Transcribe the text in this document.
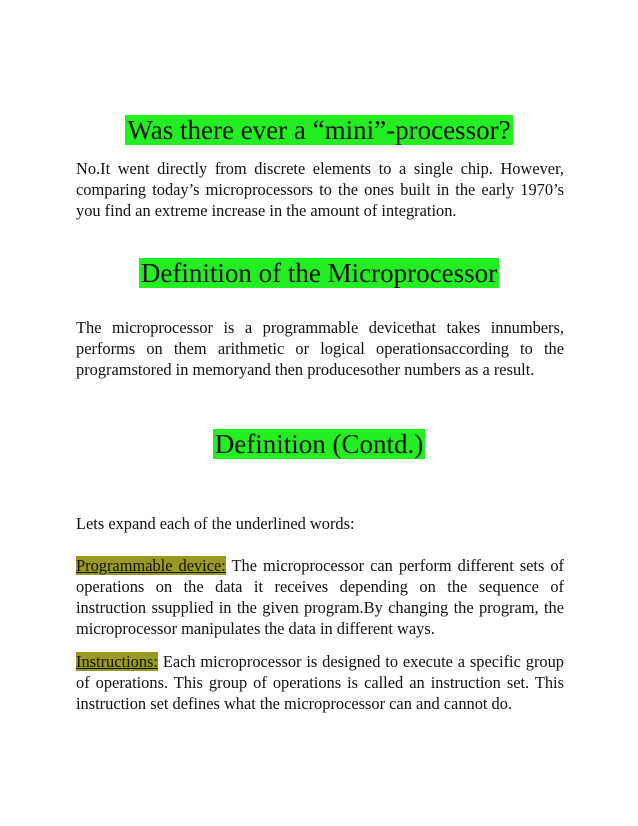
Was there ever a “mini”-processor?

No.It went directly from discrete elements to a single chip. However, comparing today’s microprocessors to the ones built in the early 1970’s you find an extreme increase in the amount of integration.

Definition of the Microprocessor

The microprocessor is a programmable devicethat takes innumbers, performs on them arithmetic or logical operationsaccording to the programstored in memoryand then producesother numbers as a result.

Definition (Contd.)

Lets expand each of the underlined words:

Programmable device: The microprocessor can perform different sets of operations on the data it receives depending on the sequence of instruction ssupplied in the given program.By changing the program, the microprocessor manipulates the data in different ways.

Instructions: Each microprocessor is designed to execute a specific group of operations. This group of operations is called an instruction set. This instruction set defines what the microprocessor can and cannot do.
